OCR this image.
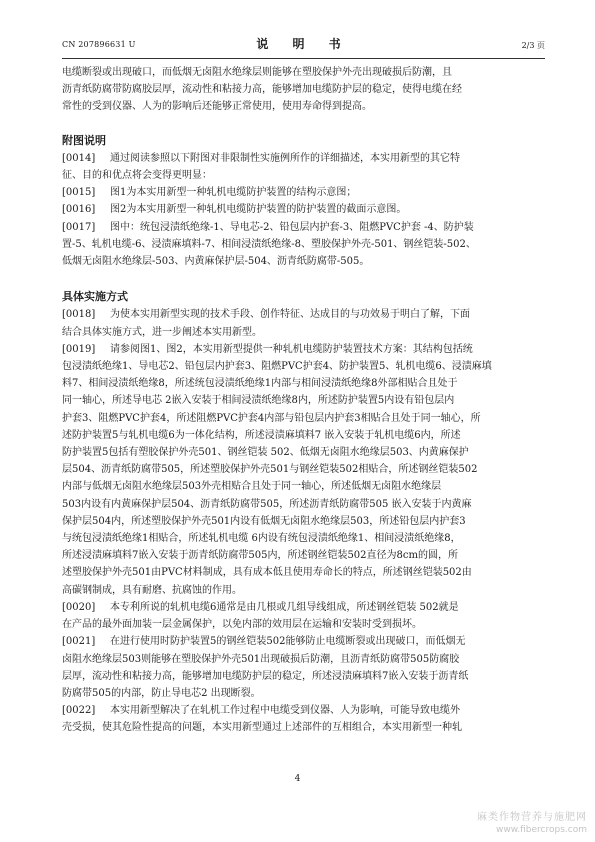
CN 207896631 U	说 明 书	2/3 页

电缆断裂或出现破口，而低烟无卤阻水绝缘层则能够在塑胶保护外壳出现破损后防潮，且

沥青纸防腐带防腐胶层厚，流动性和粘接力高，能够增加电缆防护层的稳定，使得电缆在经

常性的受到仪器、人为的影响后还能够正常使用，使用寿命得到提高。

附图说明

[0014] 通过阅读参照以下附图对非限制性实施例所作的详细描述，本实用新型的其它特

征、目的和优点将会变得更明显：

[0015] 图1为本实用新型一种轧机电缆防护装置的结构示意图；

[0016] 图2为本实用新型一种轧机电缆防护装置的防护装置的截面示意图。

[0017] 图中：统包浸渍纸绝缘-1、导电芯-2、铅包层内护套-3、阻燃PVC护套 -4、防护装

置-5、轧机电缆-6、浸渍麻填料-7、相间浸渍纸绝缘-8、塑胶保护外壳-501、钢丝铠装-502、

低烟无卤阻水绝缘层-503、内黄麻保护层-504、沥青纸防腐带-505。

具体实施方式

[0018] 为使本实用新型实现的技术手段、创作特征、达成目的与功效易于明白了解，下面

结合具体实施方式，进一步阐述本实用新型。

[0019] 请参阅图1、图2，本实用新型提供一种轧机电缆防护装置技术方案：其结构包括统

包浸渍纸绝缘1、导电芯2、铅包层内护套3、阻燃PVC护套4、防护装置5、轧机电缆6、浸渍麻填

料7、相间浸渍纸绝缘8，所述统包浸渍纸绝缘1内部与相间浸渍纸绝缘8外部相贴合且处于

同一轴心，所述导电芯 2嵌入安装于相间浸渍纸绝缘8内，所述防护装置5内设有铅包层内

护套3、阻燃PVC护套4，所述阻燃PVC护套4内部与铅包层内护套3相贴合且处于同一轴心，所

述防护装置5与轧机电缆6为一体化结构，所述浸渍麻填料7 嵌入安装于轧机电缆6内，所述

防护装置5包括有塑胶保护外壳501、钢丝铠装 502、低烟无卤阻水绝缘层503、内黄麻保护

层504、沥青纸防腐带505，所述塑胶保护外壳501与钢丝铠装502相贴合，所述钢丝铠装502

内部与低烟无卤阻水绝缘层503外壳相贴合且处于同一轴心，所述低烟无卤阻水绝缘层

503内设有内黄麻保护层504、沥青纸防腐带505，所述沥青纸防腐带505 嵌入安装于内黄麻

保护层504内，所述塑胶保护外壳501内设有低烟无卤阻水绝缘层503，所述铅包层内护套3

与统包浸渍纸绝缘1相贴合，所述轧机电缆 6内设有统包浸渍纸绝缘1、相间浸渍纸绝缘8，

所述浸渍麻填料7嵌入安装于沥青纸防腐带505内，所述钢丝铠装502直径为8cm的圆，所

述塑胶保护外壳501由PVC材料制成，具有成本低且使用寿命长的特点，所述钢丝铠装502由

高碳钢制成，具有耐磨、抗腐蚀的作用。

[0020] 本专利所说的轧机电缆6通常是由几根或几组导线组成，所述钢丝铠装 502就是

在产品的最外面加装一层金属保护，以免内部的效用层在运输和安装时受到损坏。

[0021] 在进行使用时防护装置5的钢丝铠装502能够防止电缆断裂或出现破口，而低烟无

卤阻水绝缘层503则能够在塑胶保护外壳501出现破损后防潮，且沥青纸防腐带505防腐胶

层厚，流动性和粘接力高，能够增加电缆防护层的稳定，所述浸渍麻填料7嵌入安装于沥青纸

防腐带505的内部，防止导电芯2 出现断裂。

[0022] 本实用新型解决了在轧机工作过程中电缆受到仪器、人为影响，可能导致电缆外

壳受损，使其危险性提高的问题，本实用新型通过上述部件的互相组合，本实用新型一种轧

4
麻类作物营养与施肥网
www.fibercrops.com
